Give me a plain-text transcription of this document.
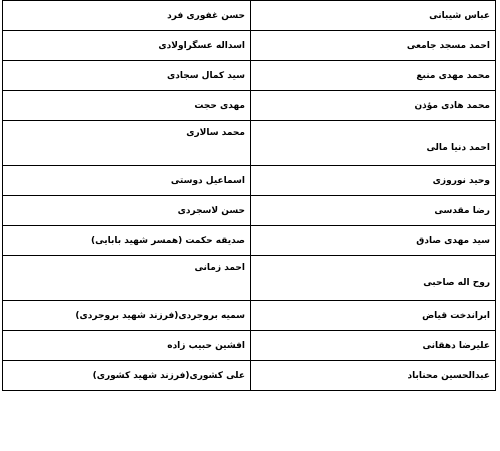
عباس شیبانی	حسن غفوری فرد
احمد مسجد جامعی	اسداله عسگراولادی
محمد مهدی منبع	سید کمال سجادی
محمد هادی مؤذن	مهدی حجت
احمد دنیا مالی	محمد سالاری
وحید نوروزی	اسماعیل دوستی
رضا مقدسی	حسن لاسجردی
سید مهدی صادق	صدیقه حکمت (همسر شهید بابایی)
روح اله صاحبی	احمد زمانی
ابراندخت قیاض	سمیه بروجردی(فرزند شهید بروجردی)
علیرضا دهقانی	افشین حبیب زاده
عبدالحسین محناباد	علی کشوری(فرزند شهید کشوری)
